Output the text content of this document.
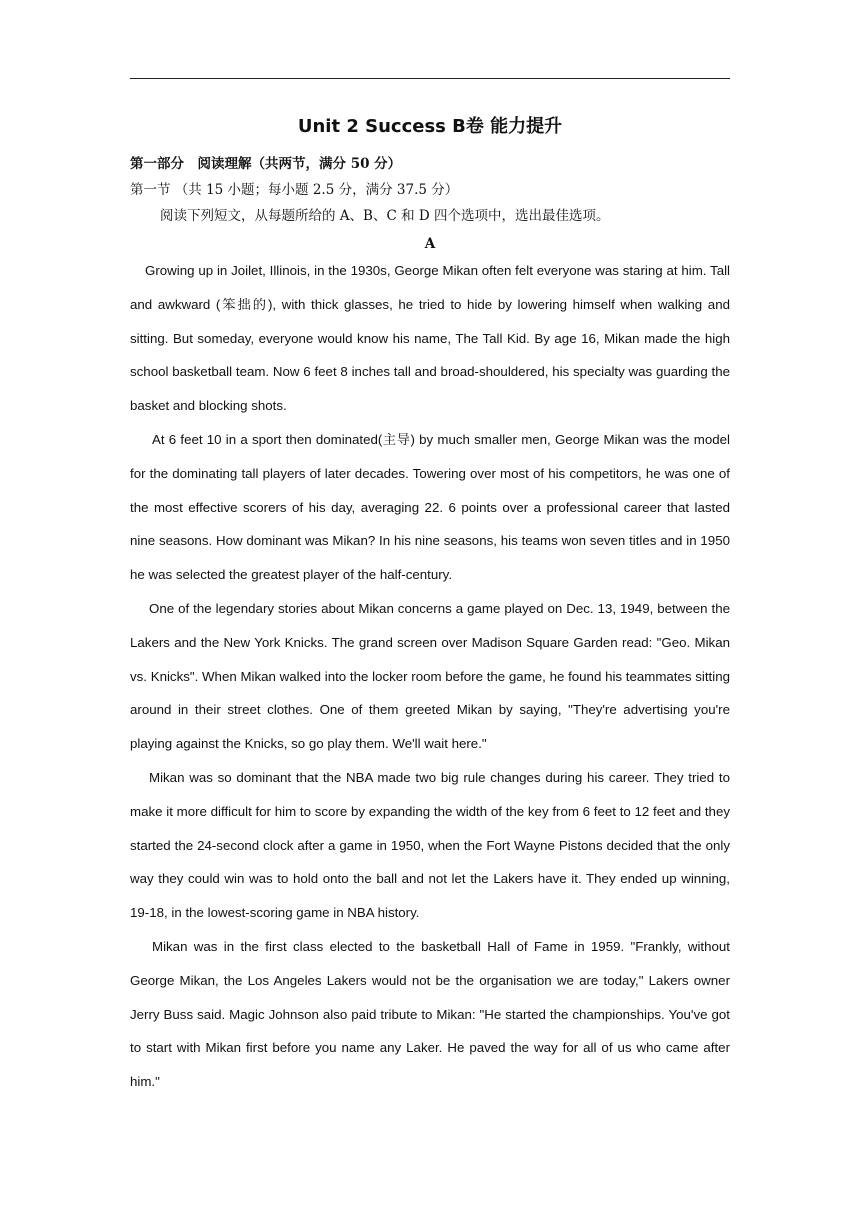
Unit 2 Success B卷 能力提升
第一部分　阅读理解（共两节，满分 50 分）
第一节 （共 15 小题；每小题 2.5 分，满分 37.5 分）
阅读下列短文，从每题所给的 A、B、C 和 D 四个选项中，选出最佳选项。
A

Growing up in Joilet, Illinois, in the 1930s, George Mikan often felt everyone was staring at him. Tall and awkward (笨拙的), with thick glasses, he tried to hide by lowering himself when walking and sitting. But someday, everyone would know his name, The Tall Kid. By age 16, Mikan made the high school basketball team. Now 6 feet 8 inches tall and broad-shouldered, his specialty was guarding the basket and blocking shots.

At 6 feet 10 in a sport then dominated(主导) by much smaller men, George Mikan was the model for the dominating tall players of later decades. Towering over most of his competitors, he was one of the most effective scorers of his day, averaging 22. 6 points over a professional career that lasted nine seasons. How dominant was Mikan? In his nine seasons, his teams won seven titles and in 1950 he was selected the greatest player of the half-century.

One of the legendary stories about Mikan concerns a game played on Dec. 13, 1949, between the Lakers and the New York Knicks. The grand screen over Madison Square Garden read: "Geo. Mikan vs. Knicks". When Mikan walked into the locker room before the game, he found his teammates sitting around in their street clothes. One of them greeted Mikan by saying, "They're advertising you're playing against the Knicks, so go play them. We'll wait here."

Mikan was so dominant that the NBA made two big rule changes during his career. They tried to make it more difficult for him to score by expanding the width of the key from 6 feet to 12 feet and they started the 24-second clock after a game in 1950, when the Fort Wayne Pistons decided that the only way they could win was to hold onto the ball and not let the Lakers have it. They ended up winning, 19-18, in the lowest-scoring game in NBA history.

Mikan was in the first class elected to the basketball Hall of Fame in 1959. "Frankly, without George Mikan, the Los Angeles Lakers would not be the organisation we are today," Lakers owner Jerry Buss said. Magic Johnson also paid tribute to Mikan: "He started the championships. You've got to start with Mikan first before you name any Laker. He paved the way for all of us who came after him."
